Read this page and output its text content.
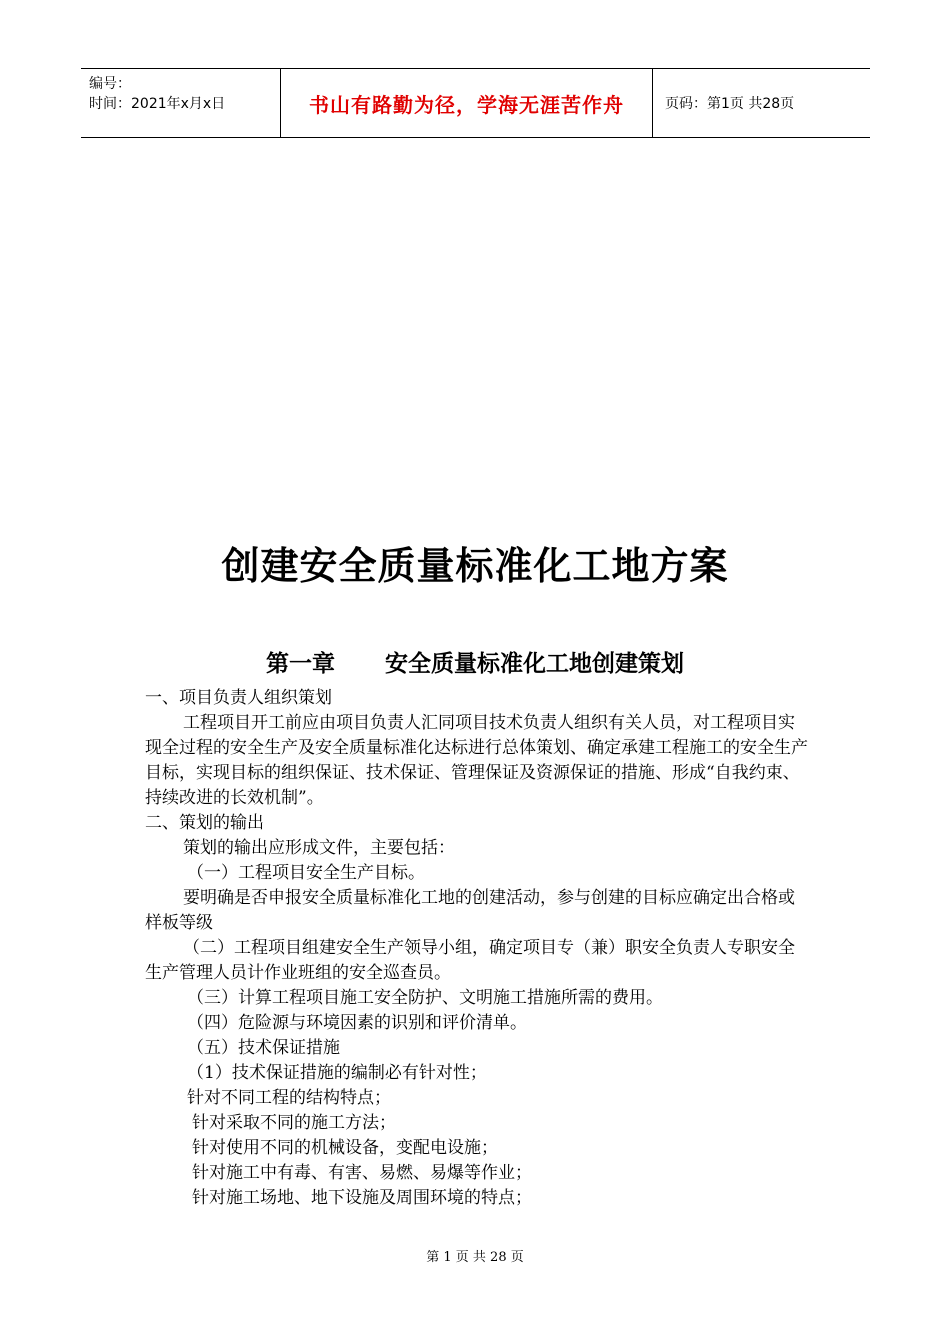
编号：
时间：2021年x月x日	书山有路勤为径，学海无涯苦作舟	页码：第1页 共28页
创建安全质量标准化工地方案
第一章 安全质量标准化工地创建策划

一、项目负责人组织策划

工程项目开工前应由项目负责人汇同项目技术负责人组织有关人员，对工程项目实现全过程的安全生产及安全质量标准化达标进行总体策划、确定承建工程施工的安全生产目标，实现目标的组织保证、技术保证、管理保证及资源保证的措施、形成“自我约束、持续改进的长效机制”。

二、策划的输出

策划的输出应形成文件，主要包括：

（一）工程项目安全生产目标。

要明确是否申报安全质量标准化工地的创建活动，参与创建的目标应确定出合格或样板等级

（二）工程项目组建安全生产领导小组，确定项目专（兼）职安全负责人专职安全生产管理人员计作业班组的安全巡查员。

（三）计算工程项目施工安全防护、文明施工措施所需的费用。

（四）危险源与环境因素的识别和评价清单。

（五）技术保证措施

（1）技术保证措施的编制必有针对性；

针对不同工程的结构特点；

针对采取不同的施工方法；

针对使用不同的机械设备，变配电设施；

针对施工中有毒、有害、易燃、易爆等作业；

针对施工场地、地下设施及周围环境的特点；

第 1 页 共 28 页
